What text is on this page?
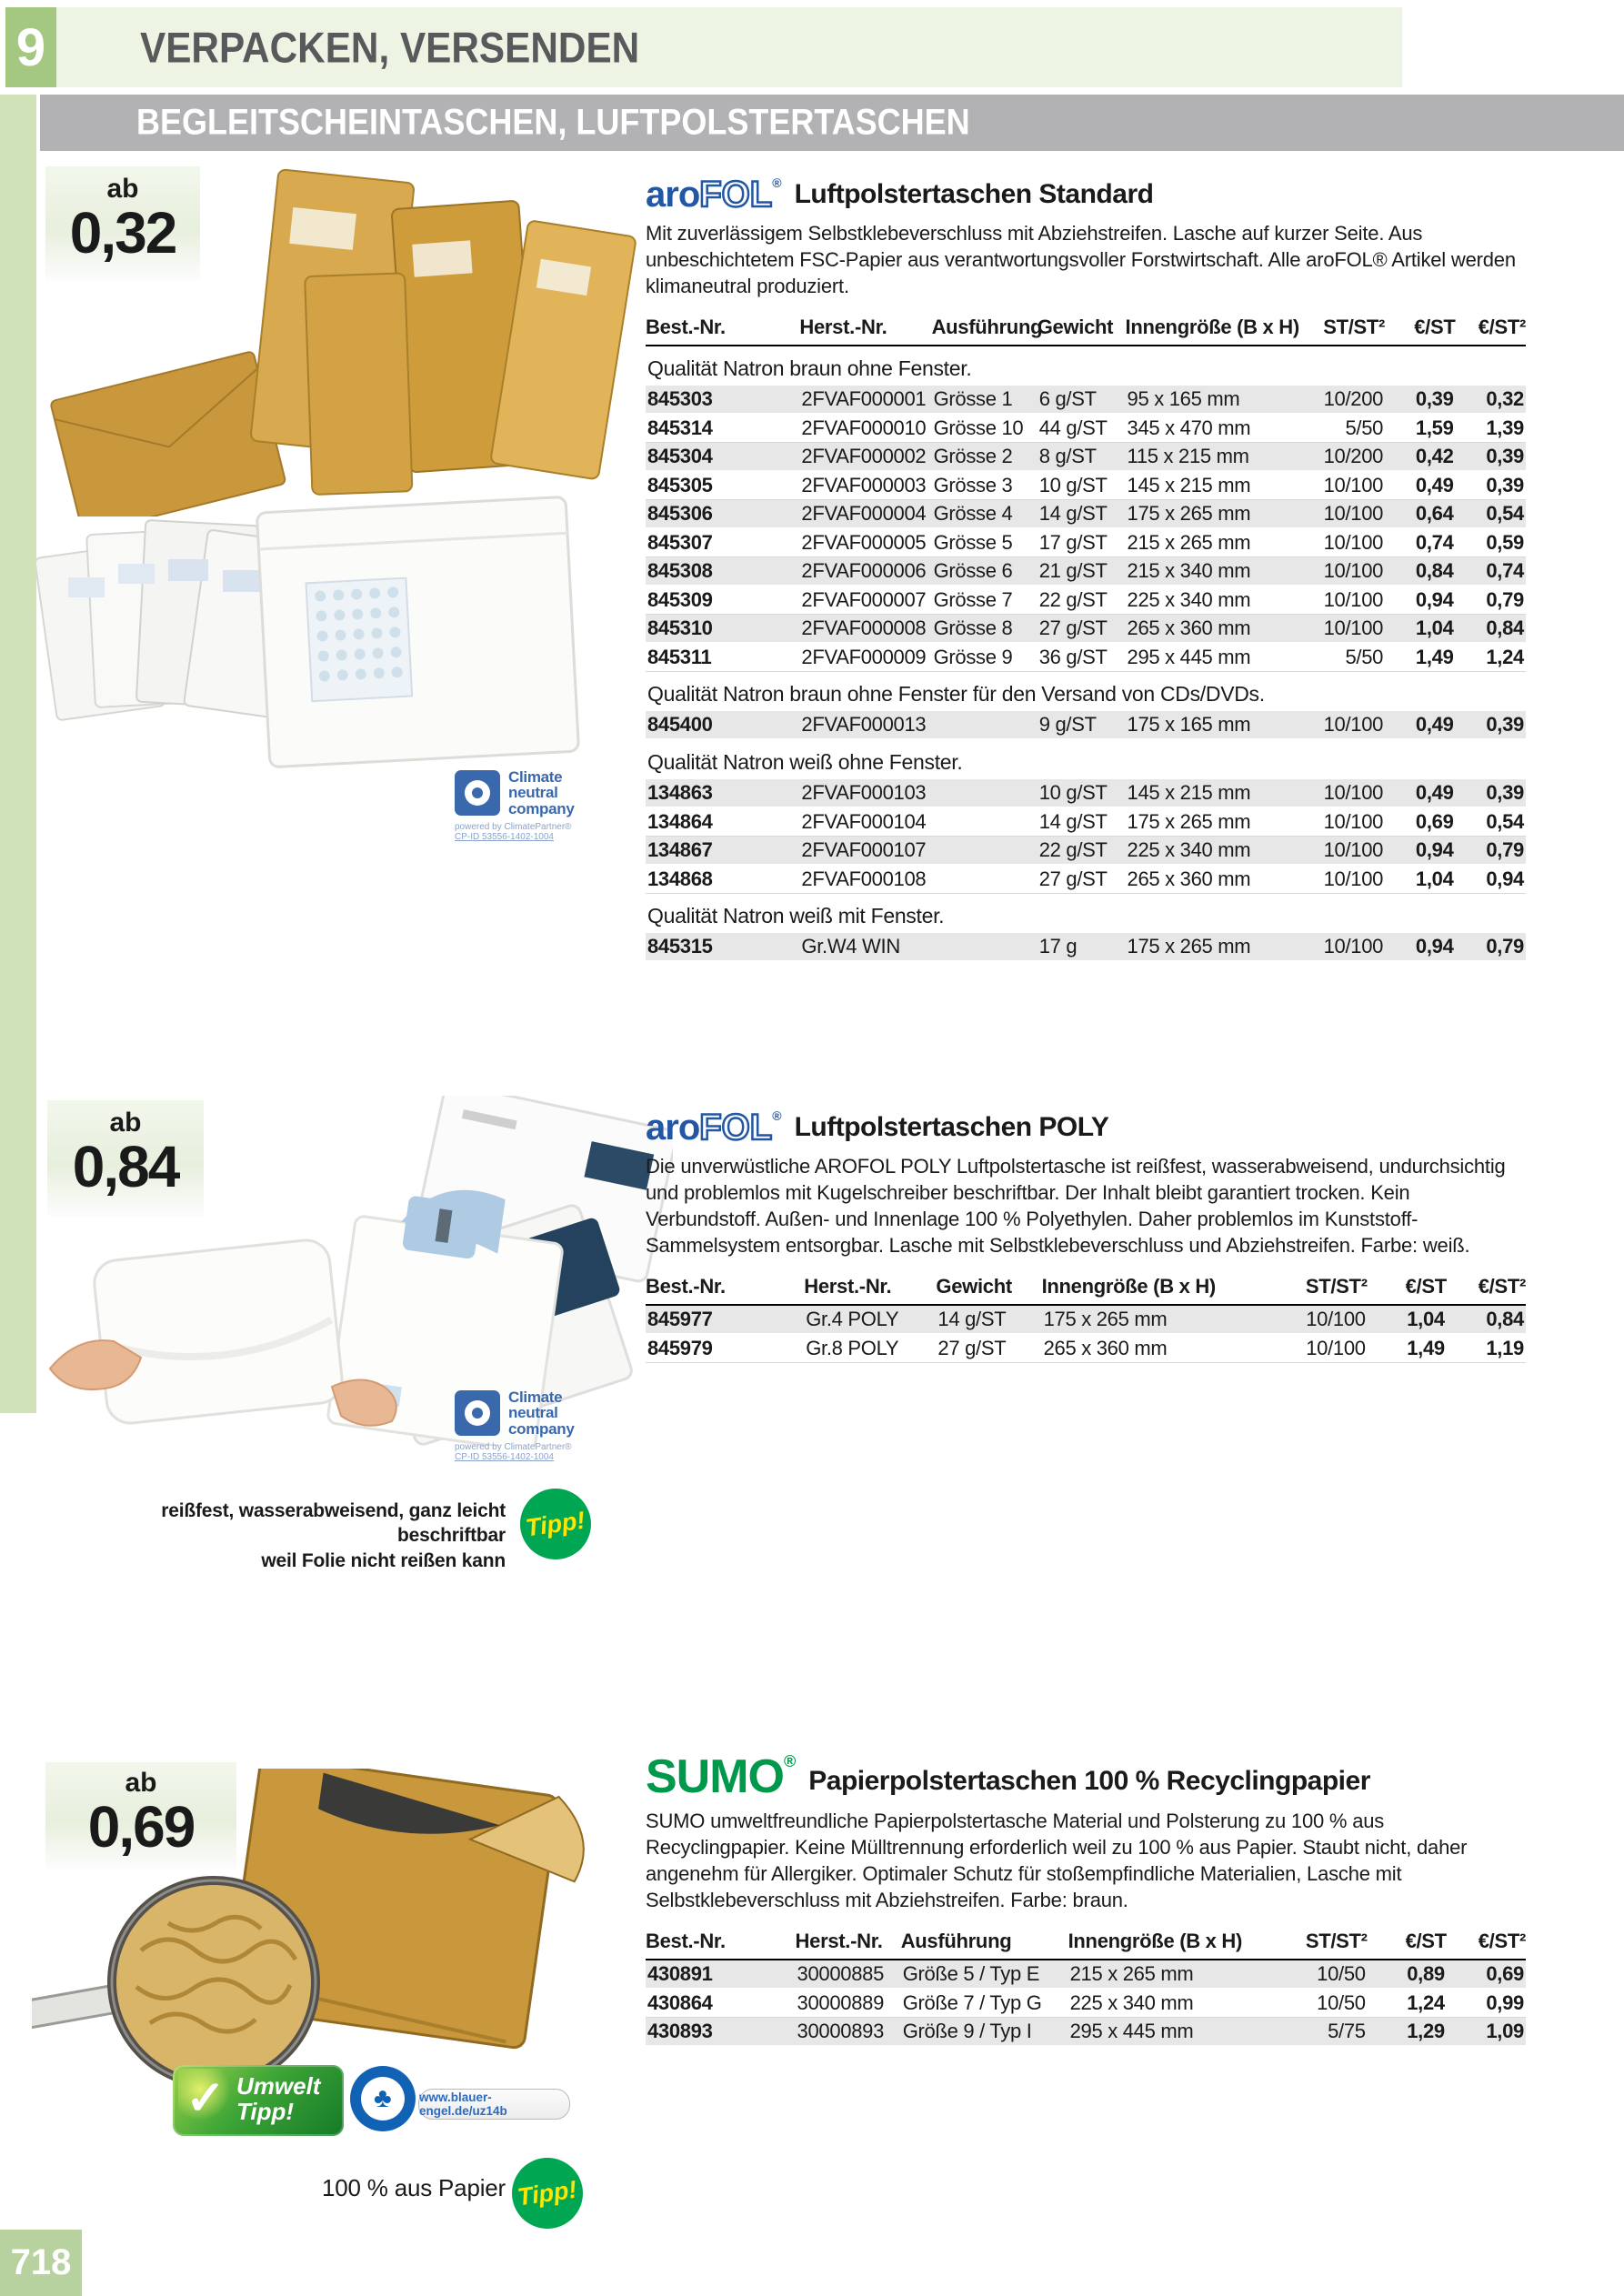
9 VERPACKEN, VERSENDEN
BEGLEITSCHEINTASCHEN, LUFTPOLSTERTASCHEN
718
ab
0,32
ab
0,84
ab
0,69
Climate
neutral
company
powered by ClimatePartner®
CP-ID 53556-1402-1004
Climate
neutral
company
powered by ClimatePartner®
CP-ID 53556-1402-1004
reißfest, wasserabweisend, ganz leicht beschriftbar
weil Folie nicht reißen kann
Tipp!
100 % aus Papier Tipp!
✓ Umwelt
Tipp!	♣ www.blauer-engel.de/uz14b
aroFOL® Luftpolstertaschen Standard
Mit zuverlässigem Selbstklebeverschluss mit Abziehstreifen. Lasche auf kurzer Seite. Aus unbeschichtetem FSC-Papier aus verantwortungsvoller Forstwirtschaft. Alle aroFOL® Artikel werden klimaneutral produziert.
Best.-Nr.	Herst.-Nr.	Ausführung	Gewicht	Innengröße (B x H)	ST/ST²	€/ST	€/ST²
Qualität Natron braun ohne Fenster.							
845303	2FVAF000001	Grösse 1	6 g/ST	95 x 165 mm	10/200	0,39	0,32
845314	2FVAF000010	Grösse 10	44 g/ST	345 x 470 mm	5/50	1,59	1,39
845304	2FVAF000002	Grösse 2	8 g/ST	115 x 215 mm	10/200	0,42	0,39
845305	2FVAF000003	Grösse 3	10 g/ST	145 x 215 mm	10/100	0,49	0,39
845306	2FVAF000004	Grösse 4	14 g/ST	175 x 265 mm	10/100	0,64	0,54
845307	2FVAF000005	Grösse 5	17 g/ST	215 x 265 mm	10/100	0,74	0,59
845308	2FVAF000006	Grösse 6	21 g/ST	215 x 340 mm	10/100	0,84	0,74
845309	2FVAF000007	Grösse 7	22 g/ST	225 x 340 mm	10/100	0,94	0,79
845310	2FVAF000008	Grösse 8	27 g/ST	265 x 360 mm	10/100	1,04	0,84
845311	2FVAF000009	Grösse 9	36 g/ST	295 x 445 mm	5/50	1,49	1,24
Qualität Natron braun ohne Fenster für den Versand von CDs/DVDs.							
845400	2FVAF000013		9 g/ST	175 x 165 mm	10/100	0,49	0,39
Qualität Natron weiß ohne Fenster.							
134863	2FVAF000103		10 g/ST	145 x 215 mm	10/100	0,49	0,39
134864	2FVAF000104		14 g/ST	175 x 265 mm	10/100	0,69	0,54
134867	2FVAF000107		22 g/ST	225 x 340 mm	10/100	0,94	0,79
134868	2FVAF000108		27 g/ST	265 x 360 mm	10/100	1,04	0,94
Qualität Natron weiß mit Fenster.							
845315	Gr.W4 WIN		17 g	175 x 265 mm	10/100	0,94	0,79
aroFOL® Luftpolstertaschen POLY
Die unverwüstliche AROFOL POLY Luftpolstertasche ist reißfest, wasserabweisend, undurchsichtig und problemlos mit Kugelschreiber beschriftbar. Der Inhalt bleibt garantiert trocken. Kein Verbundstoff. Außen- und Innenlage 100 % Polyethylen. Daher problemlos im Kunststoff-Sammelsystem entsorgbar. Lasche mit Selbstklebeverschluss und Abziehstreifen. Farbe: weiß.
Best.-Nr.	Herst.-Nr.	Gewicht	Innengröße (B x H)	ST/ST²	€/ST	€/ST²
845977	Gr.4 POLY	14 g/ST	175 x 265 mm	10/100	1,04	0,84
845979	Gr.8 POLY	27 g/ST	265 x 360 mm	10/100	1,49	1,19
SUMO®
Papierpolstertaschen 100 % Recyclingpapier
SUMO umweltfreundliche Papierpolstertasche Material und Polsterung zu 100 % aus Recyclingpapier. Keine Mülltrennung erforderlich weil zu 100 % aus Papier. Staubt nicht, daher angenehm für Allergiker. Optimaler Schutz für stoßempfindliche Materialien, Lasche mit Selbstklebeverschluss mit Abziehstreifen. Farbe: braun.
Best.-Nr.	Herst.-Nr.	Ausführung	Innengröße (B x H)	ST/ST²	€/ST	€/ST²
430891	30000885	Größe 5 / Typ E	215 x 265 mm	10/50	0,89	0,69
430864	30000889	Größe 7 / Typ G	225 x 340 mm	10/50	1,24	0,99
430893	30000893	Größe 9 / Typ I	295 x 445 mm	5/75	1,29	1,09
